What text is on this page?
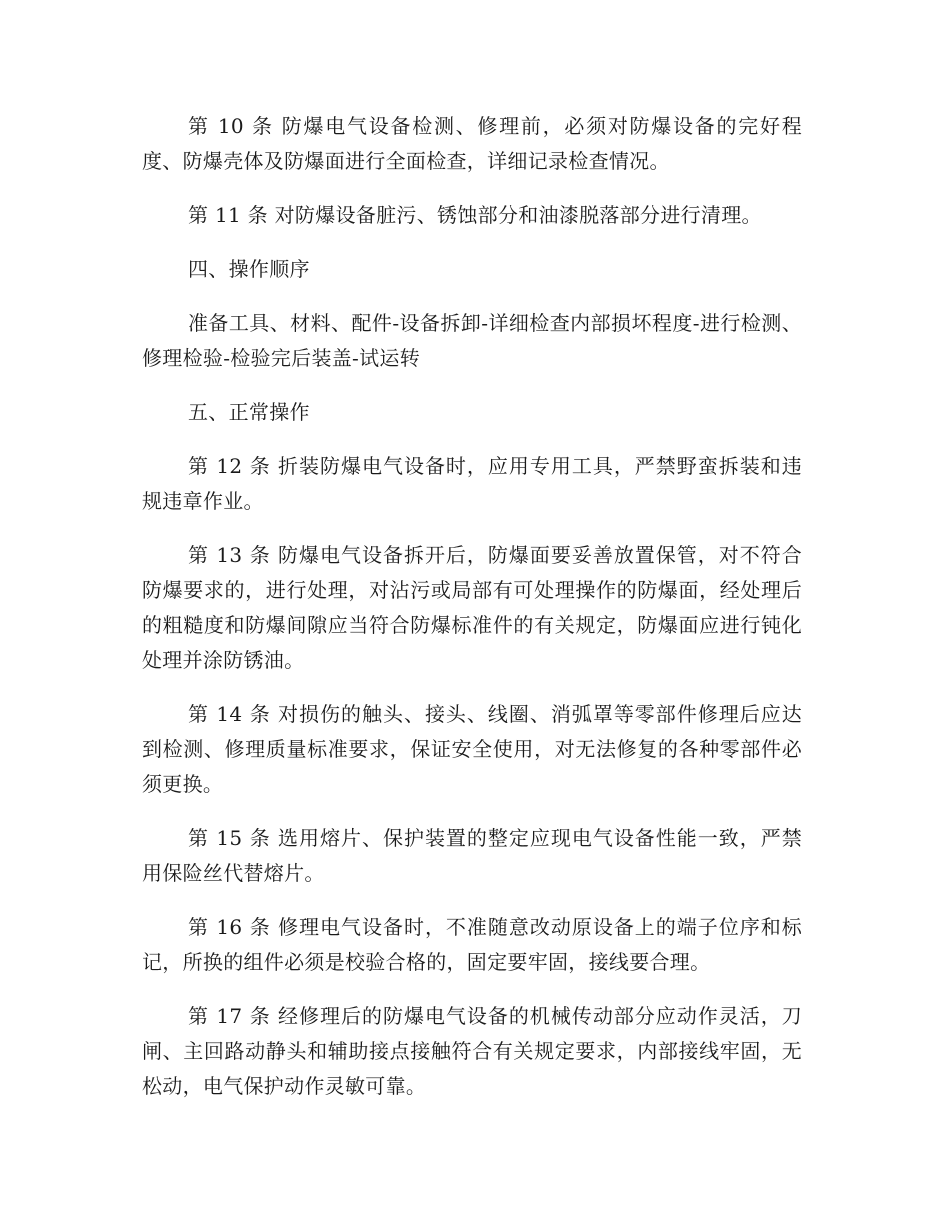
第 10 条 防爆电气设备检测、修理前，必须对防爆设备的完好程度、防爆壳体及防爆面进行全面检查，详细记录检查情况。

第 11 条 对防爆设备脏污、锈蚀部分和油漆脱落部分进行清理。

四、操作顺序

准备工具、材料、配件-设备拆卸-详细检查内部损坏程度-进行检测、修理检验-检验完后装盖-试运转

五、正常操作

第 12 条 折装防爆电气设备时，应用专用工具，严禁野蛮拆装和违规违章作业。

第 13 条 防爆电气设备拆开后，防爆面要妥善放置保管，对不符合防爆要求的，进行处理，对沾污或局部有可处理操作的防爆面，经处理后的粗糙度和防爆间隙应当符合防爆标准件的有关规定，防爆面应进行钝化处理并涂防锈油。

第 14 条 对损伤的触头、接头、线圈、消弧罩等零部件修理后应达到检测、修理质量标准要求，保证安全使用，对无法修复的各种零部件必须更换。

第 15 条 选用熔片、保护装置的整定应现电气设备性能一致，严禁用保险丝代替熔片。

第 16 条 修理电气设备时，不准随意改动原设备上的端子位序和标记，所换的组件必须是校验合格的，固定要牢固，接线要合理。

第 17 条 经修理后的防爆电气设备的机械传动部分应动作灵活，刀闸、主回路动静头和辅助接点接触符合有关规定要求，内部接线牢固，无松动，电气保护动作灵敏可靠。
